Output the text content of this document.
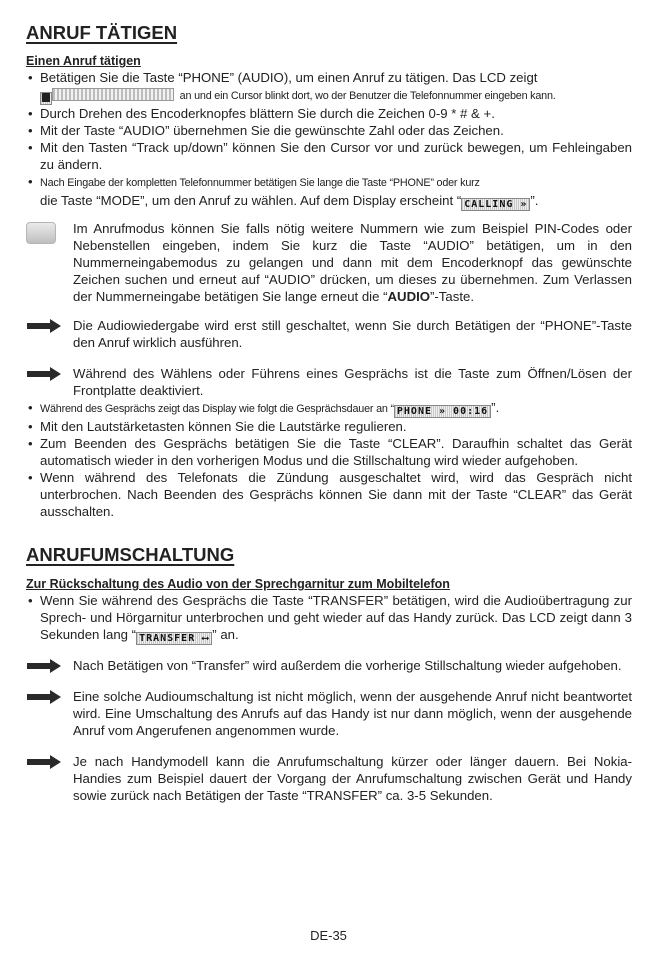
ANRUF TÄTIGEN
Einen Anruf tätigen
• Betätigen Sie die Taste “PHONE” (AUDIO), um einen Anruf zu tätigen. Das LCD zeigt
an und ein Cursor blinkt dort, wo der Benutzer die Telefonnummer eingeben kann.
• Durch Drehen des Encoderknopfes blättern Sie durch die Zeichen 0-9 * # & +.
• Mit der Taste “AUDIO” übernehmen Sie die gewünschte Zahl oder das Zeichen.
• Mit den Tasten “Track up/down” können Sie den Cursor vor und zurück bewegen, um Fehleingaben zu ändern.
• Nach Eingabe der kompletten Telefonnummer betätigen Sie lange die Taste “PHONE” oder kurz
die Taste “MODE”, um den Anruf zu wählen. Auf dem Display erscheint “ CALLING » ”.
Im Anrufmodus können Sie falls nötig weitere Nummern wie zum Beispiel PIN-Codes oder Nebenstellen eingeben, indem Sie kurz die Taste “AUDIO” betätigen, um in den Nummerneingabemodus zu gelangen und dann mit dem Encoderknopf das gewünschte Zeichen suchen und erneut auf “AUDIO” drücken, um dieses zu übernehmen. Zum Verlassen der Nummerneingabe betätigen Sie lange erneut die “AUDIO”-Taste.
Die Audiowiedergabe wird erst still geschaltet, wenn Sie durch Betätigen der “PHONE”-Taste den Anruf wirklich ausführen.
Während des Wählens oder Führens eines Gesprächs ist die Taste zum Öffnen/Lösen der Frontplatte deaktiviert.
• Während des Gesprächs zeigt das Display wie folgt die Gesprächsdauer an “ PHONE » 00:16 ”.
• Mit den Lautstärketasten können Sie die Lautstärke regulieren.
• Zum Beenden des Gesprächs betätigen Sie die Taste “CLEAR”. Daraufhin schaltet das Gerät automatisch wieder in den vorherigen Modus und die Stillschaltung wird wieder aufgehoben.
• Wenn während des Telefonats die Zündung ausgeschaltet wird, wird das Gespräch nicht unterbrochen. Nach Beenden des Gesprächs können Sie dann mit der Taste “CLEAR” das Gerät ausschalten.
ANRUFUMSCHALTUNG
Zur Rückschaltung des Audio von der Sprechgarnitur zum Mobiltelefon
• Wenn Sie während des Gesprächs die Taste “TRANSFER” betätigen, wird die Audioübertragung zur Sprech- und Hörgarnitur unterbrochen und geht wieder auf das Handy zurück. Das LCD zeigt dann 3 Sekunden lang “ TRANSFER ⟷ ” an.
Nach Betätigen von “Transfer” wird außerdem die vorherige Stillschaltung wieder aufgehoben.
Eine solche Audioumschaltung ist nicht möglich, wenn der ausgehende Anruf nicht beantwortet wird. Eine Umschaltung des Anrufs auf das Handy ist nur dann möglich, wenn der ausgehende Anruf vom Angerufenen angenommen wurde.
Je nach Handymodell kann die Anrufumschaltung kürzer oder länger dauern. Bei Nokia-Handies zum Beispiel dauert der Vorgang der Anrufumschaltung zwischen Gerät und Handy sowie zurück nach Betätigen der Taste “TRANSFER” ca. 3-5 Sekunden.
DE-35
